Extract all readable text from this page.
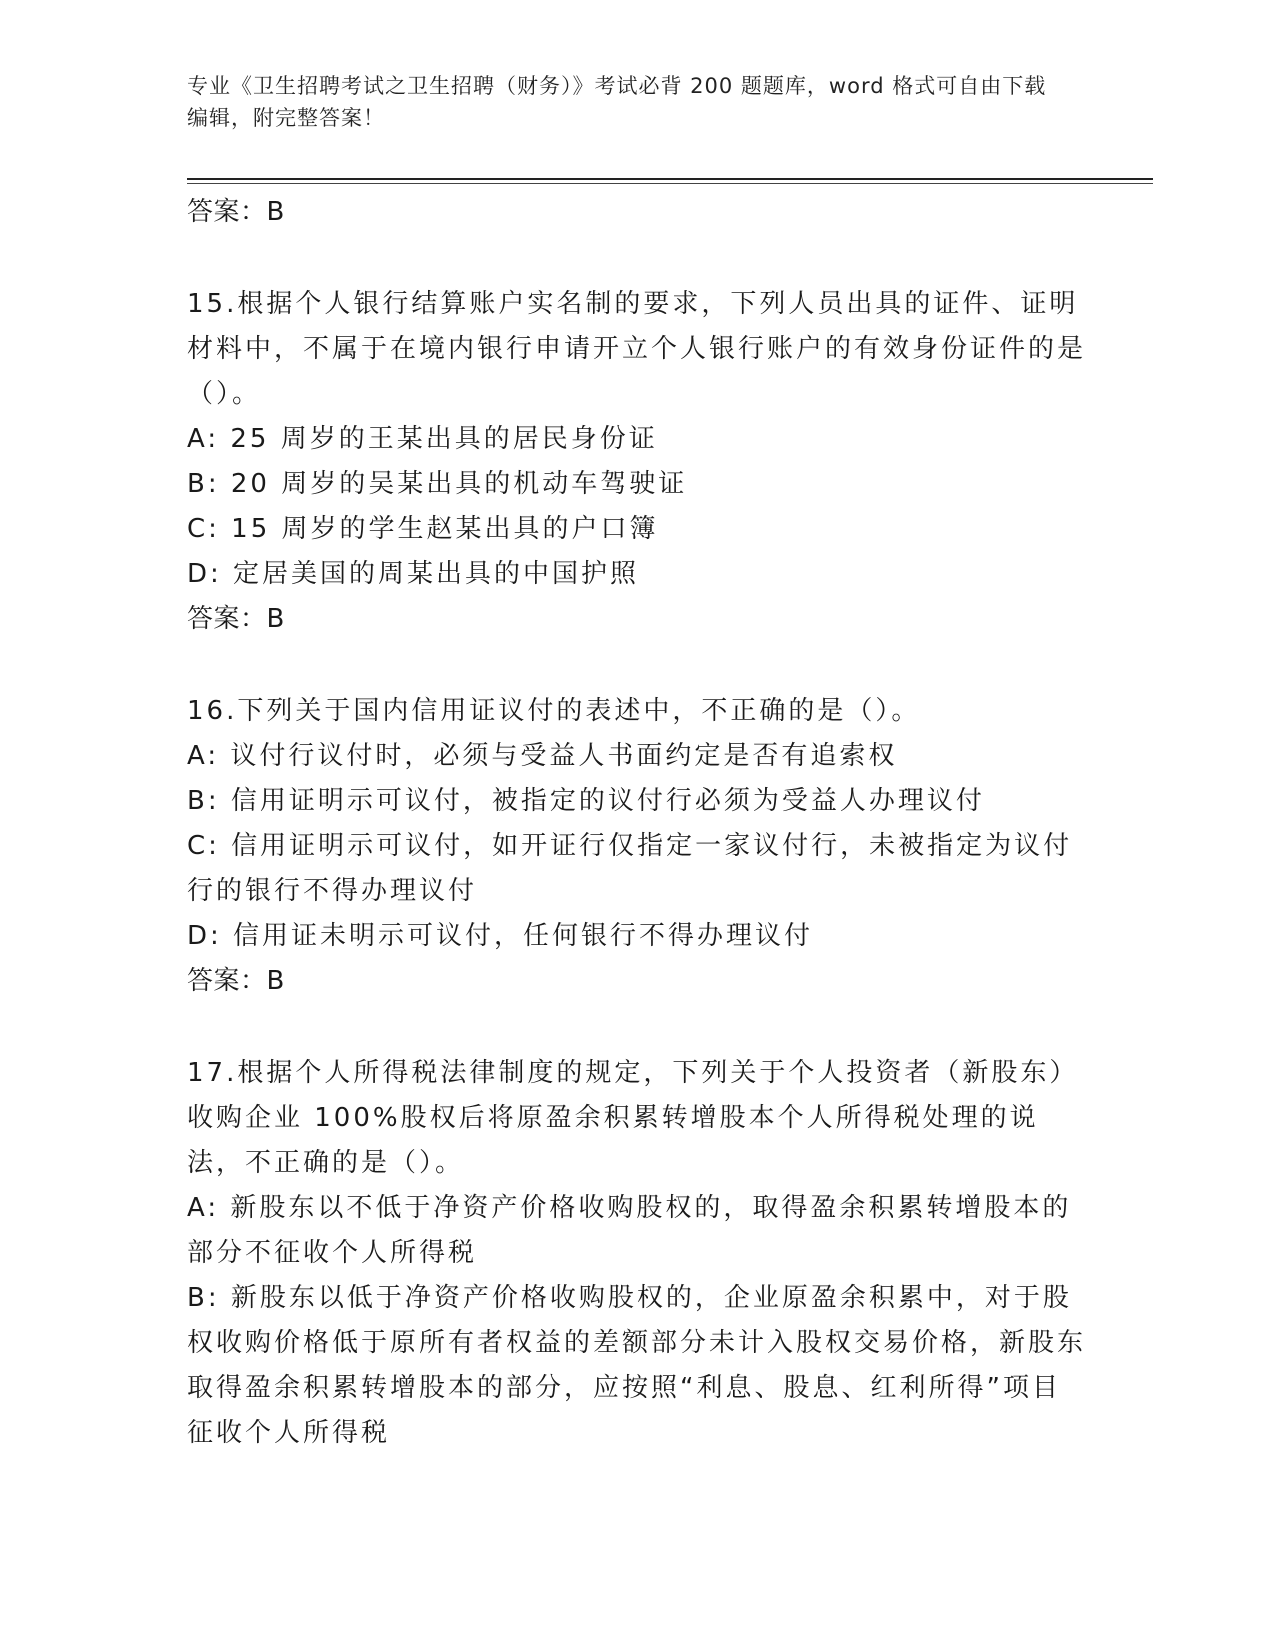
专业《卫生招聘考试之卫生招聘（财务）》考试必背 200 题题库，word 格式可自由下载编辑，附完整答案！
答案：B
15.根据个人银行结算账户实名制的要求，下列人员出具的证件、证明材料中，不属于在境内银行申请开立个人银行账户的有效身份证件的是（）。
A: 25 周岁的王某出具的居民身份证
B: 20 周岁的吴某出具的机动车驾驶证
C: 15 周岁的学生赵某出具的户口簿
D: 定居美国的周某出具的中国护照
答案：B
16.下列关于国内信用证议付的表述中，不正确的是（）。
A: 议付行议付时，必须与受益人书面约定是否有追索权
B: 信用证明示可议付，被指定的议付行必须为受益人办理议付
C: 信用证明示可议付，如开证行仅指定一家议付行，未被指定为议付行的银行不得办理议付
D: 信用证未明示可议付，任何银行不得办理议付
答案：B
17.根据个人所得税法律制度的规定，下列关于个人投资者（新股东）收购企业 100%股权后将原盈余积累转增股本个人所得税处理的说法，不正确的是（）。
A: 新股东以不低于净资产价格收购股权的，取得盈余积累转增股本的部分不征收个人所得税
B: 新股东以低于净资产价格收购股权的，企业原盈余积累中，对于股权收购价格低于原所有者权益的差额部分未计入股权交易价格，新股东取得盈余积累转增股本的部分，应按照“利息、股息、红利所得”项目征收个人所得税
